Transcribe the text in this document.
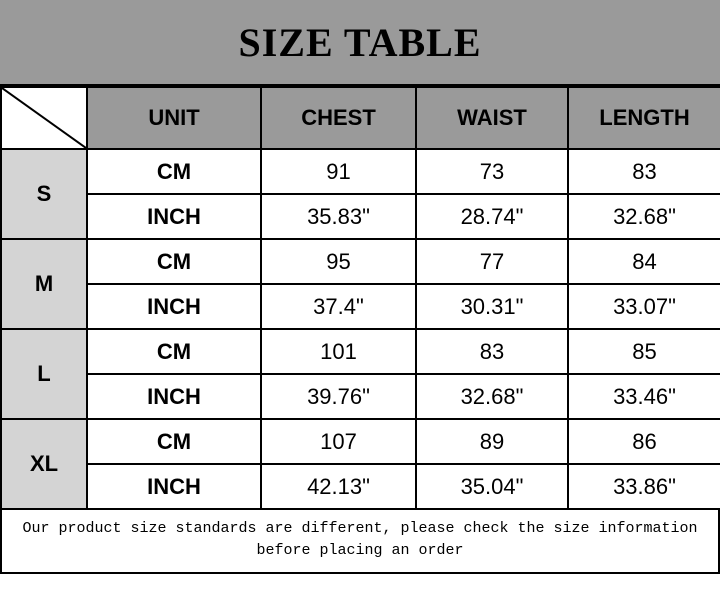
SIZE TABLE
	UNIT	CHEST	WAIST	LENGTH
S	CM	91	73	83
	INCH	35.83"	28.74"	32.68"
M	CM	95	77	84
	INCH	37.4"	30.31"	33.07"
L	CM	101	83	85
	INCH	39.76"	32.68"	33.46"
XL	CM	107	89	86
	INCH	42.13"	35.04"	33.86"
Our product size standards are different, please check the size information
before placing an order
